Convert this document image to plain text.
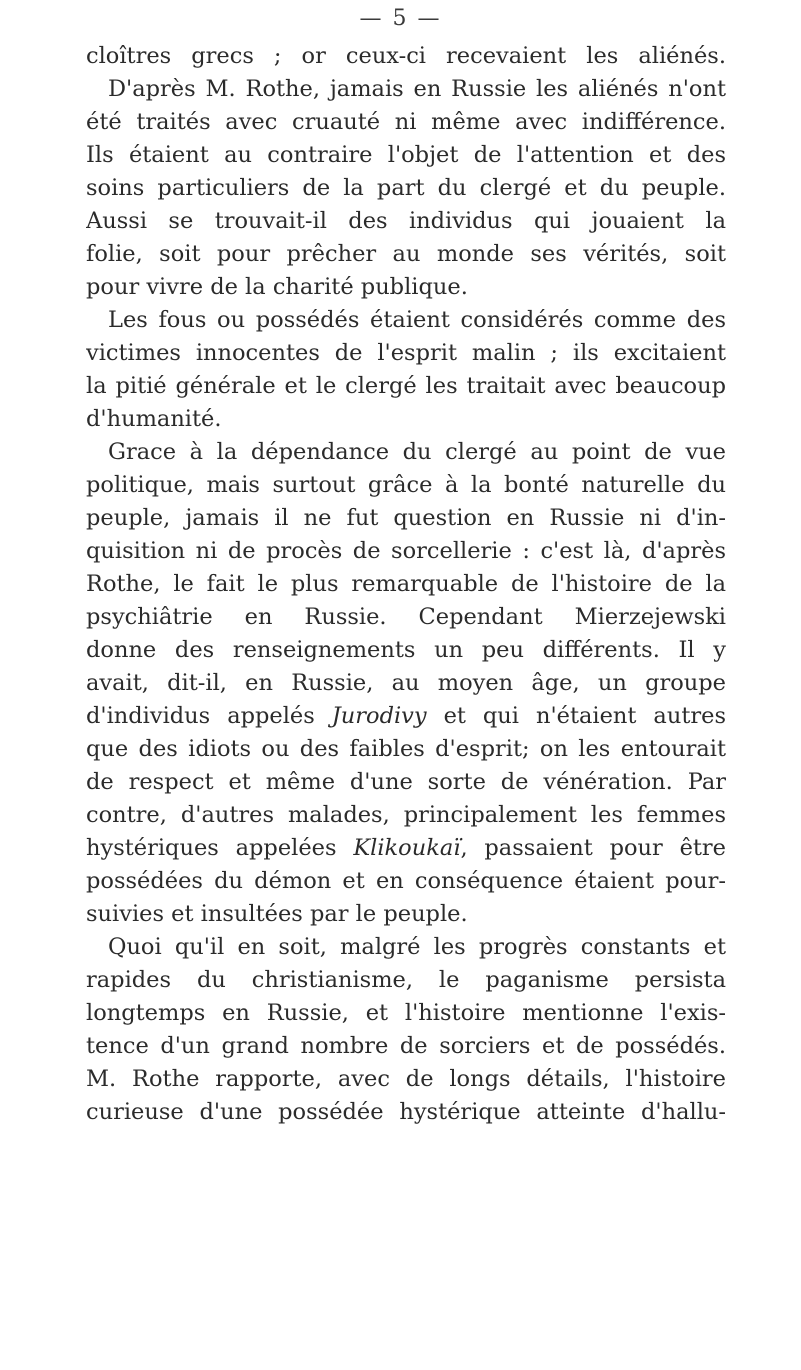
— 5 —
cloîtres grecs ; or ceux-ci recevaient les aliénés.
D'après M. Rothe, jamais en Russie les aliénés n'ont
été traités avec cruauté ni même avec indifférence.
Ils étaient au contraire l'objet de l'attention et des
soins particuliers de la part du clergé et du peuple.
Aussi se trouvait-il des individus qui jouaient la
folie, soit pour prêcher au monde ses vérités, soit
pour vivre de la charité publique.
Les fous ou possédés étaient considérés comme des
victimes innocentes de l'esprit malin ; ils excitaient
la pitié générale et le clergé les traitait avec beaucoup
d'humanité.
Grace à la dépendance du clergé au point de vue
politique, mais surtout grâce à la bonté naturelle du
peuple, jamais il ne fut question en Russie ni d'in-
quisition ni de procès de sorcellerie : c'est là, d'après
Rothe, le fait le plus remarquable de l'histoire de la
psychiâtrie en Russie. Cependant Mierzejewski
donne des renseignements un peu différents. Il y
avait, dit-il, en Russie, au moyen âge, un groupe
d'individus appelés Jurodivy et qui n'étaient autres
que des idiots ou des faibles d'esprit; on les entourait
de respect et même d'une sorte de vénération. Par
contre, d'autres malades, principalement les femmes
hystériques appelées Klikoukaï, passaient pour être
possédées du démon et en conséquence étaient pour-
suivies et insultées par le peuple.
Quoi qu'il en soit, malgré les progrès constants et
rapides du christianisme, le paganisme persista
longtemps en Russie, et l'histoire mentionne l'exis-
tence d'un grand nombre de sorciers et de possédés.
M. Rothe rapporte, avec de longs détails, l'histoire
curieuse d'une possédée hystérique atteinte d'hallu-
